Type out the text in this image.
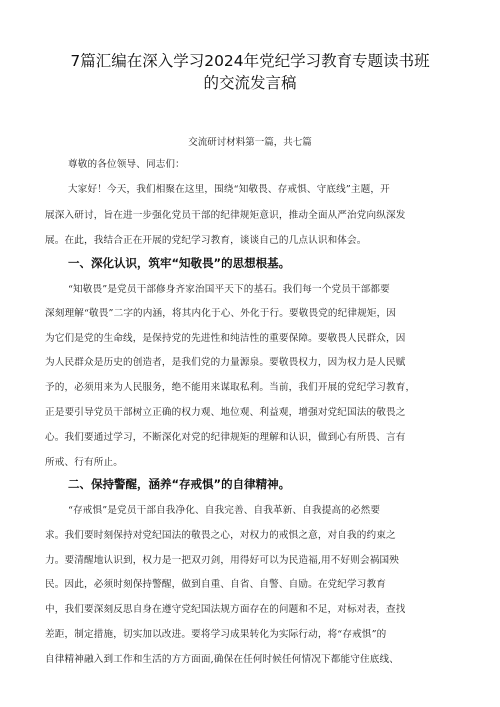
7篇汇编在深入学习2024年党纪学习教育专题读书班
的交流发言稿
交流研讨材料第一篇，共七篇
尊敬的各位领导、同志们：
大家好！今天，我们相聚在这里，围绕“知敬畏、存戒惧、守底线”主题，开
展深入研讨，旨在进一步强化党员干部的纪律规矩意识，推动全面从严治党向纵深发
展。在此，我结合正在开展的党纪学习教育，谈谈自己的几点认识和体会。
一、深化认识，筑牢“知敬畏”的思想根基。
“知敬畏”是党员干部修身齐家治国平天下的基石。我们每一个党员干部都要
深刻理解“敬畏”二字的内涵，将其内化于心、外化于行。要敬畏党的纪律规矩，因
为它们是党的生命线，是保持党的先进性和纯洁性的重要保障。要敬畏人民群众，因
为人民群众是历史的创造者，是我们党的力量源泉。要敬畏权力，因为权力是人民赋
予的，必须用来为人民服务，绝不能用来谋取私利。当前，我们开展的党纪学习教育，
正是要引导党员干部树立正确的权力观、地位观、利益观，增强对党纪国法的敬畏之
心。我们要通过学习，不断深化对党的纪律规矩的理解和认识，做到心有所畏、言有
所戒、行有所止。
二、保持警醒，涵养“存戒惧”的自律精神。
“存戒惧”是党员干部自我净化、自我完善、自我革新、自我提高的必然要
求。我们要时刻保持对党纪国法的敬畏之心，对权力的戒惧之意，对自我的约束之
力。要清醒地认识到，权力是一把双刃剑，用得好可以为民造福,用不好则会祸国殃
民。因此，必须时刻保持警醒，做到自重、自省、自警、自励。在党纪学习教育
中，我们要深刻反思自身在遵守党纪国法规方面存在的问题和不足，对标对表，查找
差距，制定措施，切实加以改进。要将学习成果转化为实际行动，将“存戒惧”的
自律精神融入到工作和生活的方方面面,确保在任何时候任何情况下都能守住底线、
